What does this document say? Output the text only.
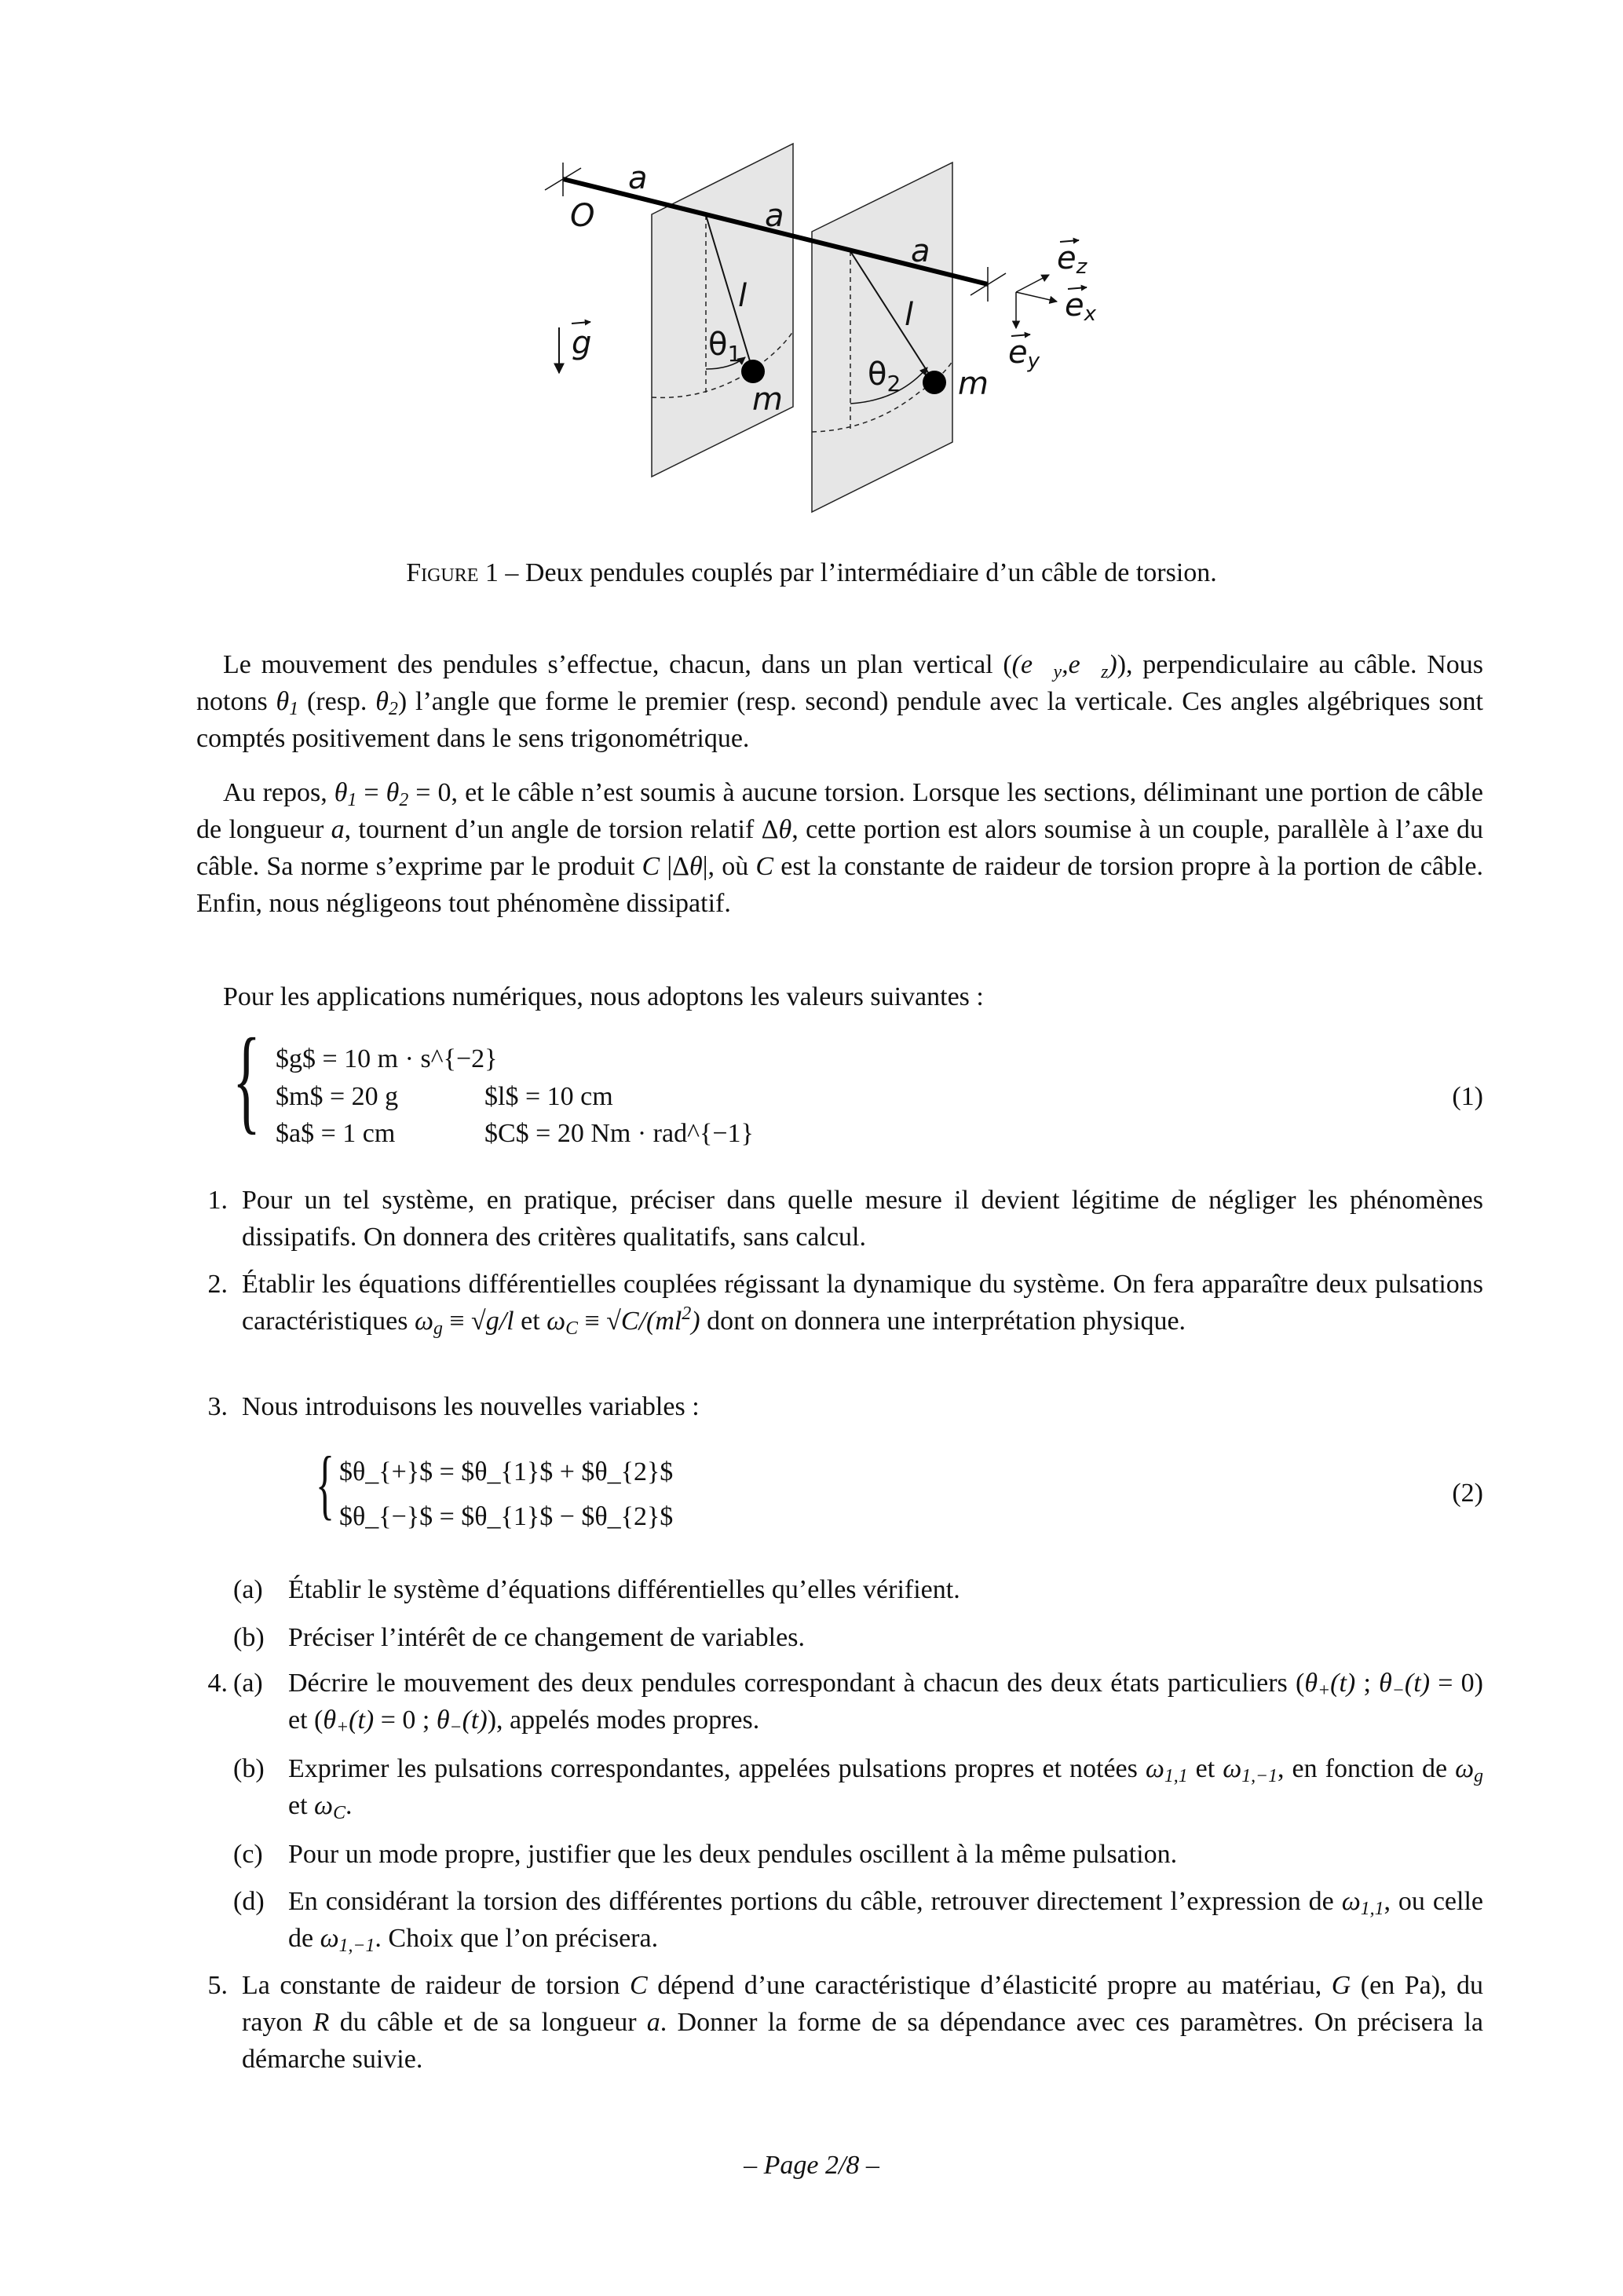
a
O	a
a
l
l
$\theta_1$
$\theta_2$
m	m
g
ez
ex
ey
Figure 1 – Deux pendules couplés par l’intermédiaire d’un câble de torsion.
Le mouvement des pendules s’effectue, chacun, dans un plan vertical $((e⃗_y,e⃗_z))$, perpendiculaire au câble. Nous notons $\theta_1$ (resp. $\theta_2$) l’angle que forme le premier (resp. second) pendule avec la verticale. Ces angles algébriques sont comptés positivement dans le sens trigonométrique.
Au repos, $\theta_1 = \theta_2 = 0$, et le câble n’est soumis à aucune torsion. Lorsque les sections, déliminant une portion de câble de longueur a, tournent d’un angle de torsion relatif Δθ, cette portion est alors soumise à un couple, parallèle à l’axe du câble. Sa norme s’exprime par le produit C |Δθ|, où C est la constante de raideur de torsion propre à la portion de câble. Enfin, nous négligeons tout phénomène dissipatif.
Pour les applications numériques, nous adoptons les valeurs suivantes :
{ $g$ = 10 m · s^{−2}
$m$ = 20 g	$l$ = 10 cm
$a$ = 1 cm	$C$ = 20 Nm · rad^{−1}
(1)
1. Pour un tel système, en pratique, préciser dans quelle mesure il devient légitime de négliger les phénomènes dissipatifs. On donnera des critères qualitatifs, sans calcul.
2. Établir les équations différentielles couplées régissant la dynamique du système. On fera apparaître deux pulsations caractéristiques $\omega_g \equiv √g/l$ et $\omega_C \equiv √C/(ml^2)$ dont on donnera une interprétation physique.
3. Nous introduisons les nouvelles variables :
{ $θ_{+}$ = $θ_{1}$ + $θ_{2}$
$θ_{−}$ = $θ_{1}$ − $θ_{2}$
(2)
(a) Établir le système d’équations différentielles qu’elles vérifient.
(b) Préciser l’intérêt de ce changement de variables.
4. (a) Décrire le mouvement des deux pendules correspondant à chacun des deux états particuliers ($\theta_+(t)$ ; $\theta_-(t) = 0$) et ($\theta_+(t) = 0$ ; $\theta_-(t)$), appelés modes propres.
(b) Exprimer les pulsations correspondantes, appelées pulsations propres et notées $\omega_{1,1}$ et $\omega_{1,-1}$, en fonction de $\omega_g$ et $\omega_C$.
(c) Pour un mode propre, justifier que les deux pendules oscillent à la même pulsation.
(d) En considérant la torsion des différentes portions du câble, retrouver directement l’expression de $\omega_{1,1}$, ou celle de $\omega_{1,-1}$. Choix que l’on précisera.
5. La constante de raideur de torsion C dépend d’une caractéristique d’élasticité propre au matériau, G (en Pa), du rayon R du câble et de sa longueur a. Donner la forme de sa dépendance avec ces paramètres. On précisera la démarche suivie.
– Page 2/8 –
